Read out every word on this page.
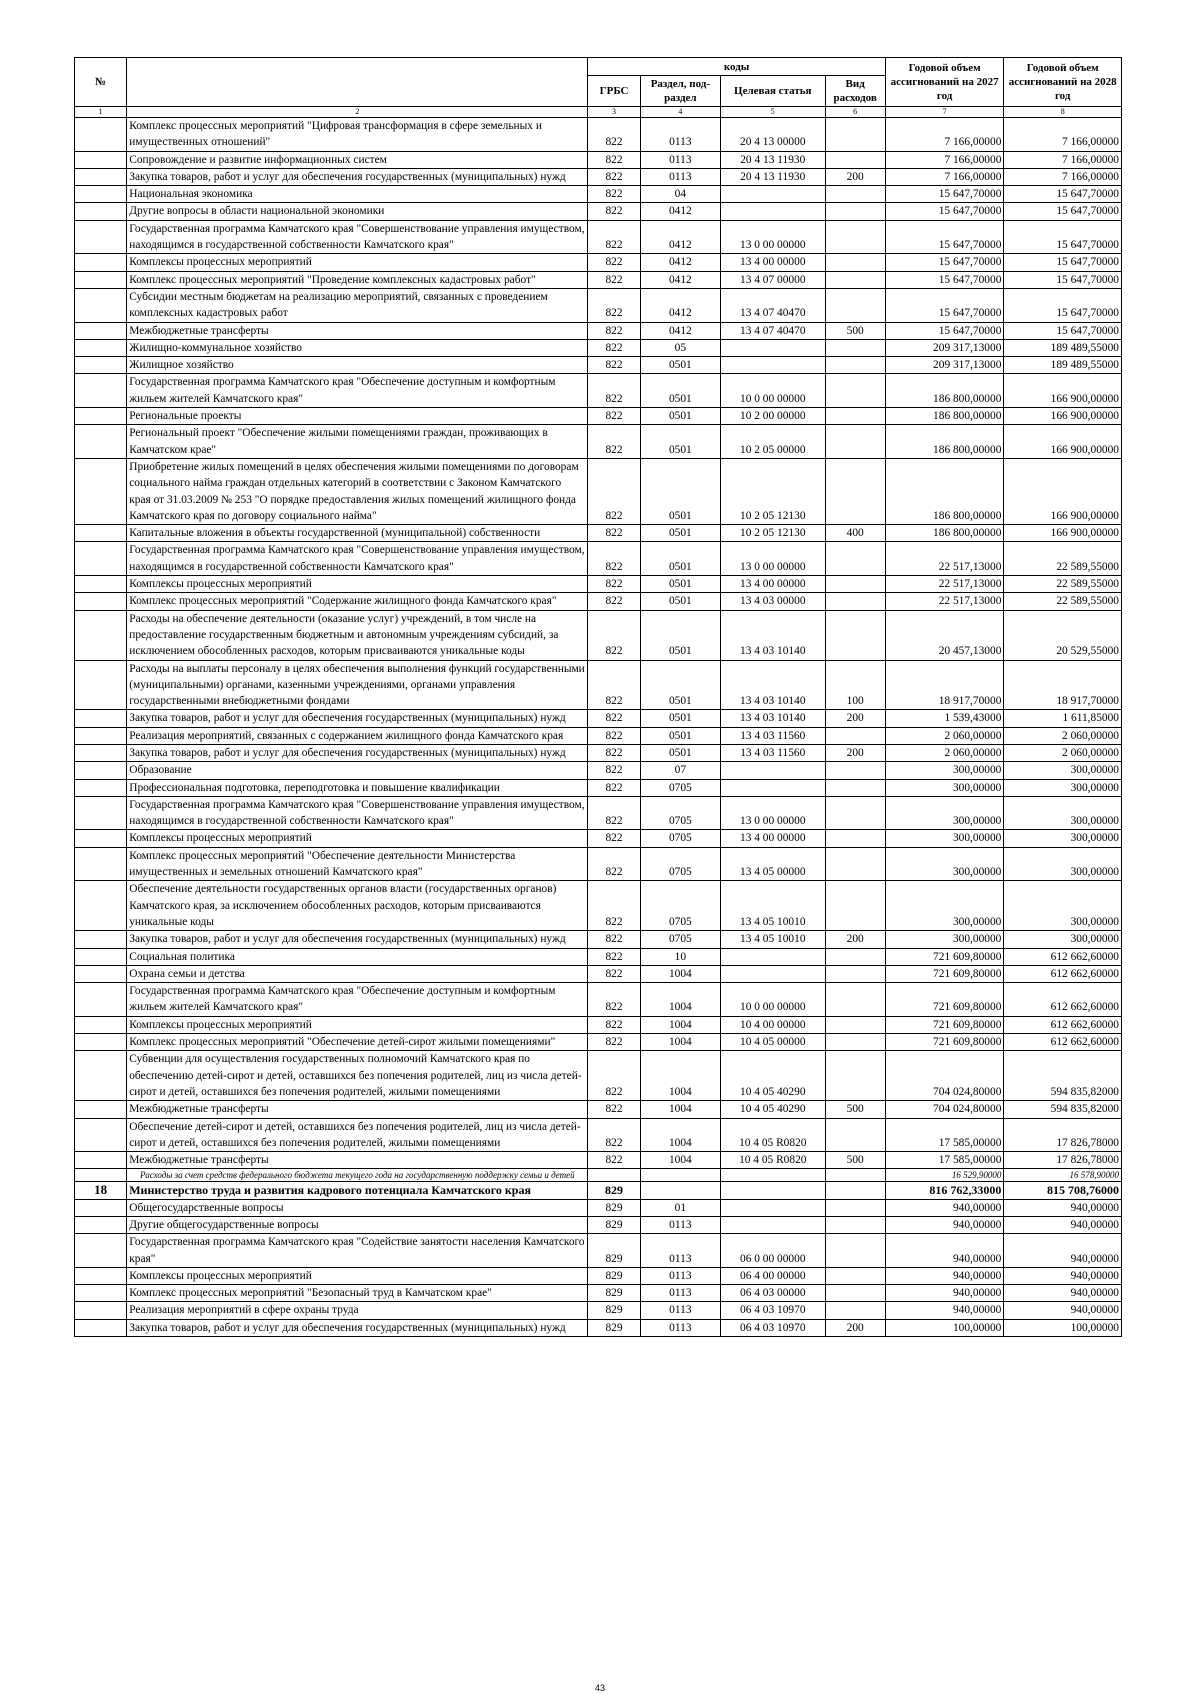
№		коды				Годовой объем ассигнований на 2027 год	Годовой объем ассигнований на 2028 год
		ГРБС	Раздел, под-раздел	Целевая статья	Вид расходов		
1	2	3	4	5	6	7	8
	Комплекс процессных мероприятий "Цифровая трансформация в сфере земельных и имущественных отношений"	822	0113	20 4 13 00000		7 166,00000	7 166,00000
	Сопровождение и развитие информационных систем	822	0113	20 4 13 11930		7 166,00000	7 166,00000
	Закупка товаров, работ и услуг для обеспечения государственных (муниципальных) нужд	822	0113	20 4 13 11930	200	7 166,00000	7 166,00000
	Национальная экономика	822	04			15 647,70000	15 647,70000
	Другие вопросы в области национальной экономики	822	0412			15 647,70000	15 647,70000
	Государственная программа Камчатского края "Совершенствование управления имуществом, находящимся в государственной собственности Камчатского края"	822	0412	13 0 00 00000		15 647,70000	15 647,70000
	Комплексы процессных мероприятий	822	0412	13 4 00 00000		15 647,70000	15 647,70000
	Комплекс процессных мероприятий "Проведение комплексных кадастровых работ"	822	0412	13 4 07 00000		15 647,70000	15 647,70000
	Субсидии местным бюджетам на реализацию мероприятий, связанных с проведением комплексных кадастровых работ	822	0412	13 4 07 40470		15 647,70000	15 647,70000
	Межбюджетные трансферты	822	0412	13 4 07 40470	500	15 647,70000	15 647,70000
	Жилищно-коммунальное хозяйство	822	05			209 317,13000	189 489,55000
	Жилищное хозяйство	822	0501			209 317,13000	189 489,55000
	Государственная программа Камчатского края "Обеспечение доступным и комфортным жильем жителей Камчатского края"	822	0501	10 0 00 00000		186 800,00000	166 900,00000
	Региональные проекты	822	0501	10 2 00 00000		186 800,00000	166 900,00000
	Региональный проект "Обеспечение жилыми помещениями граждан, проживающих в Камчатском крае"	822	0501	10 2 05 00000		186 800,00000	166 900,00000
	Приобретение жилых помещений в целях обеспечения жилыми помещениями по договорам социального найма граждан отдельных категорий в соответствии с Законом Камчатского края от 31.03.2009 № 253 "О порядке предоставления жилых помещений жилищного фонда Камчатского края по договору социального найма"	822	0501	10 2 05 12130		186 800,00000	166 900,00000
	Капитальные вложения в объекты государственной (муниципальной) собственности	822	0501	10 2 05 12130	400	186 800,00000	166 900,00000
	Государственная программа Камчатского края "Совершенствование управления имуществом, находящимся в государственной собственности Камчатского края"	822	0501	13 0 00 00000		22 517,13000	22 589,55000
	Комплексы процессных мероприятий	822	0501	13 4 00 00000		22 517,13000	22 589,55000
	Комплекс процессных мероприятий "Содержание жилищного фонда Камчатского края"	822	0501	13 4 03 00000		22 517,13000	22 589,55000
	Расходы на обеспечение деятельности (оказание услуг) учреждений, в том числе на предоставление государственным бюджетным и автономным учреждениям субсидий, за исключением обособленных расходов, которым присваиваются уникальные коды	822	0501	13 4 03 10140		20 457,13000	20 529,55000
	Расходы на выплаты персоналу в целях обеспечения выполнения функций государственными (муниципальными) органами, казенными учреждениями, органами управления государственными внебюджетными фондами	822	0501	13 4 03 10140	100	18 917,70000	18 917,70000
	Закупка товаров, работ и услуг для обеспечения государственных (муниципальных) нужд	822	0501	13 4 03 10140	200	1 539,43000	1 611,85000
	Реализация мероприятий, связанных с содержанием жилищного фонда Камчатского края	822	0501	13 4 03 11560		2 060,00000	2 060,00000
	Закупка товаров, работ и услуг для обеспечения государственных (муниципальных) нужд	822	0501	13 4 03 11560	200	2 060,00000	2 060,00000
	Образование	822	07			300,00000	300,00000
	Профессиональная подготовка, переподготовка и повышение квалификации	822	0705			300,00000	300,00000
	Государственная программа Камчатского края "Совершенствование управления имуществом, находящимся в государственной собственности Камчатского края"	822	0705	13 0 00 00000		300,00000	300,00000
	Комплексы процессных мероприятий	822	0705	13 4 00 00000		300,00000	300,00000
	Комплекс процессных мероприятий "Обеспечение деятельности Министерства имущественных и земельных отношений Камчатского края"	822	0705	13 4 05 00000		300,00000	300,00000
	Обеспечение деятельности государственных органов власти (государственных органов) Камчатского края, за исключением обособленных расходов, которым присваиваются уникальные коды	822	0705	13 4 05 10010		300,00000	300,00000
	Закупка товаров, работ и услуг для обеспечения государственных (муниципальных) нужд	822	0705	13 4 05 10010	200	300,00000	300,00000
	Социальная политика	822	10			721 609,80000	612 662,60000
	Охрана семьи и детства	822	1004			721 609,80000	612 662,60000
	Государственная программа Камчатского края "Обеспечение доступным и комфортным жильем жителей Камчатского края"	822	1004	10 0 00 00000		721 609,80000	612 662,60000
	Комплексы процессных мероприятий	822	1004	10 4 00 00000		721 609,80000	612 662,60000
	Комплекс процессных мероприятий "Обеспечение детей-сирот жилыми помещениями"	822	1004	10 4 05 00000		721 609,80000	612 662,60000
	Субвенции для осуществления государственных полномочий Камчатского края по обеспечению детей-сирот и детей, оставшихся без попечения родителей, лиц из числа детей-сирот и детей, оставшихся без попечения родителей, жилыми помещениями	822	1004	10 4 05 40290		704 024,80000	594 835,82000
	Межбюджетные трансферты	822	1004	10 4 05 40290	500	704 024,80000	594 835,82000
	Обеспечение детей-сирот и детей, оставшихся без попечения родителей, лиц из числа детей-сирот и детей, оставшихся без попечения родителей, жилыми помещениями	822	1004	10 4 05 R0820		17 585,00000	17 826,78000
	Межбюджетные трансферты	822	1004	10 4 05 R0820	500	17 585,00000	17 826,78000
	Расходы за счет средств федерального бюджета текущего года на государственную поддержку семьи и детей					16 529,90000	16 578,90000
18	Министерство труда и развития кадрового потенциала Камчатского края	829				816 762,33000	815 708,76000
	Общегосударственные вопросы	829	01			940,00000	940,00000
	Другие общегосударственные вопросы	829	0113			940,00000	940,00000
	Государственная программа Камчатского края "Содействие занятости населения Камчатского края"	829	0113	06 0 00 00000		940,00000	940,00000
	Комплексы процессных мероприятий	829	0113	06 4 00 00000		940,00000	940,00000
	Комплекс процессных мероприятий "Безопасный труд в Камчатском крае"	829	0113	06 4 03 00000		940,00000	940,00000
	Реализация мероприятий в сфере охраны труда	829	0113	06 4 03 10970		940,00000	940,00000
	Закупка товаров, работ и услуг для обеспечения государственных (муниципальных) нужд	829	0113	06 4 03 10970	200	100,00000	100,00000
43
